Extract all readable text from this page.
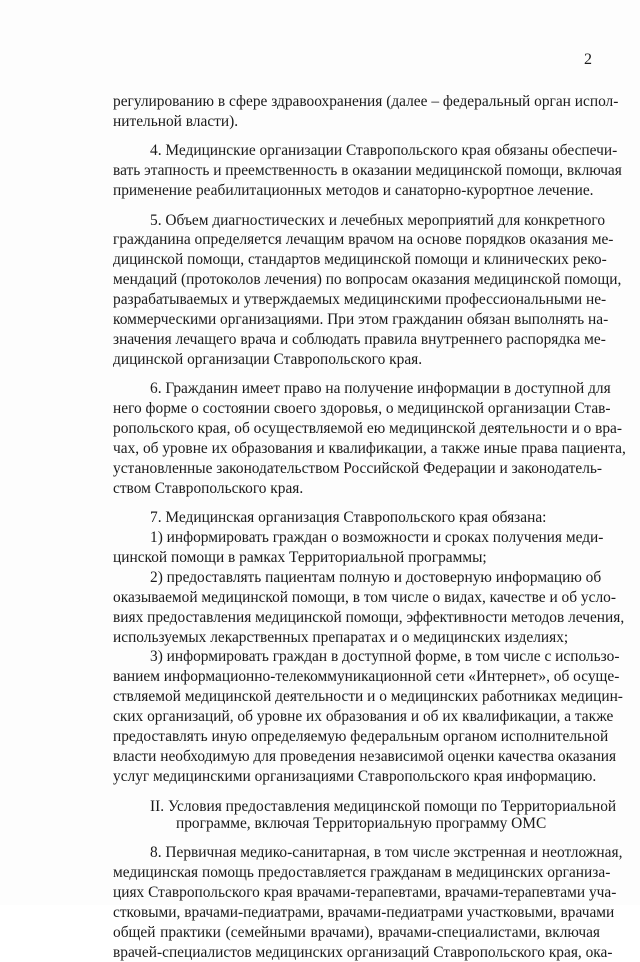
2
регулированию в сфере здравоохранения (далее – федеральный орган испол-
нительной власти).
4. Медицинские организации Ставропольского края обязаны обеспечи-
вать этапность и преемственность в оказании медицинской помощи, включая
применение реабилитационных методов и санаторно-курортное лечение.
5. Объем диагностических и лечебных мероприятий для конкретного
гражданина определяется лечащим врачом на основе порядков оказания ме-
дицинской помощи, стандартов медицинской помощи и клинических реко-
мендаций (протоколов лечения) по вопросам оказания медицинской помощи,
разрабатываемых и утверждаемых медицинскими профессиональными не-
коммерческими организациями. При этом гражданин обязан выполнять на-
значения лечащего врача и соблюдать правила внутреннего распорядка ме-
дицинской организации Ставропольского края.
6. Гражданин имеет право на получение информации в доступной для
него форме о состоянии своего здоровья, о медицинской организации Став-
ропольского края, об осуществляемой ею медицинской деятельности и о вра-
чах, об уровне их образования и квалификации, а также иные права пациента,
установленные законодательством Российской Федерации и законодатель-
ством Ставропольского края.
7. Медицинская организация Ставропольского края обязана:
1) информировать граждан о возможности и сроках получения меди-
цинской помощи в рамках Территориальной программы;
2) предоставлять пациентам полную и достоверную информацию об
оказываемой медицинской помощи, в том числе о видах, качестве и об усло-
виях предоставления медицинской помощи, эффективности методов лечения,
используемых лекарственных препаратах и о медицинских изделиях;
3) информировать граждан в доступной форме, в том числе с использо-
ванием информационно-телекоммуникационной сети «Интернет», об осуще-
ствляемой медицинской деятельности и о медицинских работниках медицин-
ских организаций, об уровне их образования и об их квалификации, а также
предоставлять иную определяемую федеральным органом исполнительной
власти необходимую для проведения независимой оценки качества оказания
услуг медицинскими организациями Ставропольского края информацию.
II. Условия предоставления медицинской помощи по Территориальной
программе, включая Территориальную программу ОМС
8. Первичная медико-санитарная, в том числе экстренная и неотложная,
медицинская помощь предоставляется гражданам в медицинских организа-
циях Ставропольского края врачами-терапевтами, врачами-терапевтами уча-
стковыми, врачами-педиатрами, врачами-педиатрами участковыми, врачами
общей практики (семейными врачами), врачами-специалистами, включая
врачей-специалистов медицинских организаций Ставропольского края, ока-
